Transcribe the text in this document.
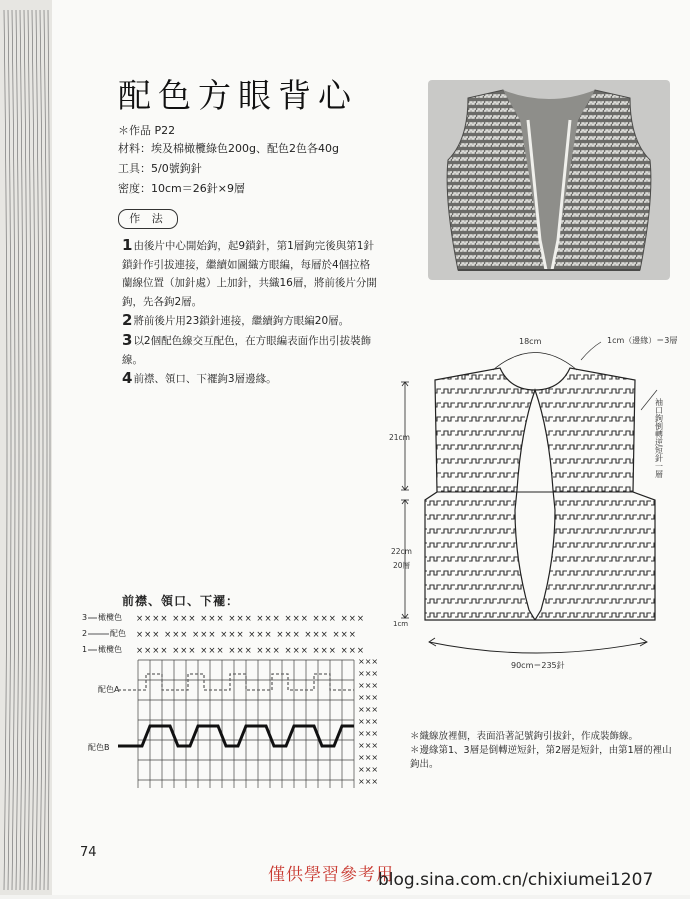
配色方眼背心
＊作品 P22
材料：埃及棉橄欖綠色200g、配色2色各40g
工具：5/0號鉤針
密度：10cm＝26針×9層
作 法

1由後片中心開始鉤，起9鎖針，第1層鉤完後與第1針鎖針作引拔連接，繼續如圖織方眼編，每層於4個拉格蘭線位置（加針處）上加針，共織16層，將前後片分開鉤，先各鉤2層。

2將前後片用23鎖針連接，繼續鉤方眼編20層。

3以2個配色線交互配色，在方眼編表面作出引拔裝飾線。

4前襟、領口、下襬鉤3層邊緣。

18cm	1cm（邊緣）＝3層
21cm
22cm
20層
1cm
袖口鉤倒轉逆短針一層
90cm＝235針
前襟、領口、下襬：
3 橄欖色
2	配色
1 橄欖色
配色A
配色B
×××× ××× ××× ××× ××× ××× ××× ×××
××× ××× ××× ××× ××× ××× ××× ×××
×××× ××× ××× ××× ××× ××× ××× ×××
×××
×××
×××
×××
×××
×××
×××
×××
×××
×××
×××
＊織線放裡側，表面沿著記號鉤引拔針，作成裝飾線。
＊邊緣第1、3層是倒轉逆短針，第2層是短針，由第1層的裡山鉤出。
74
僅供學習參考用
blog.sina.com.cn/chixiumei1207
